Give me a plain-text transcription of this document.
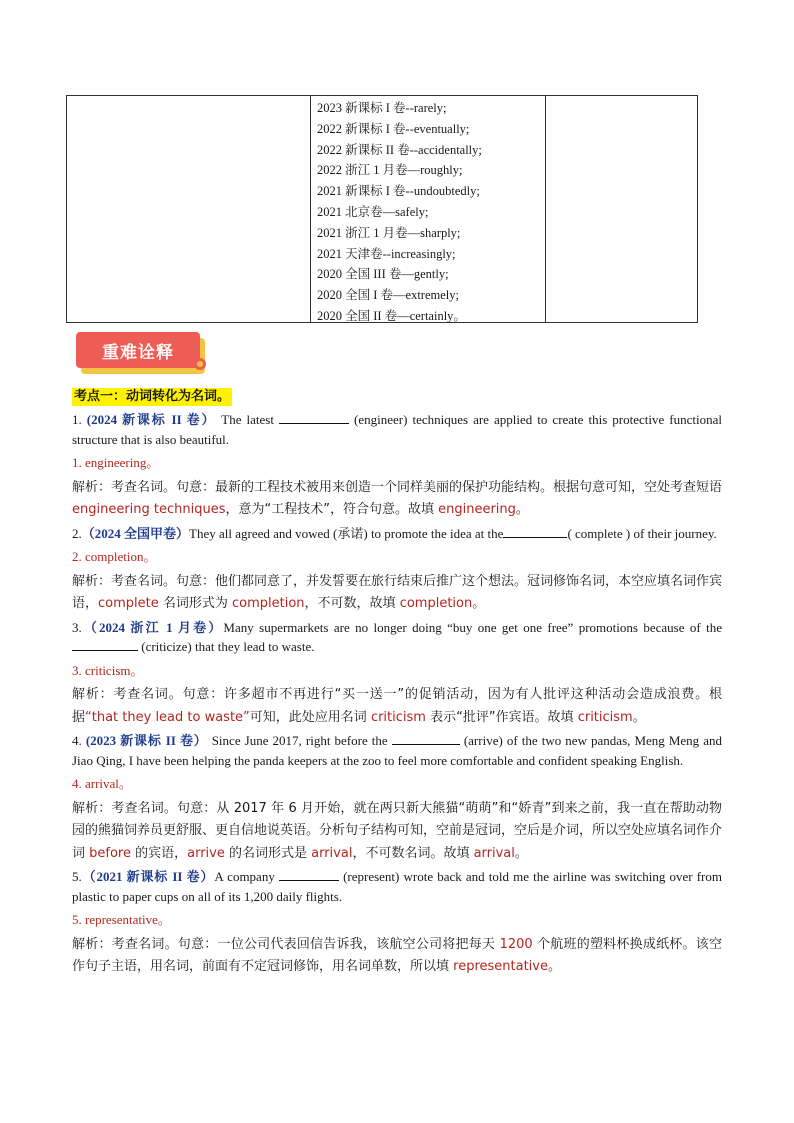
2023 新课标 I 卷--rarely;
2022 新课标 I 卷--eventually;
2022 新课标 II 卷--accidentally;
2022 浙江 1 月卷—roughly;
2021 新课标 I 卷--undoubtedly;
2021 北京卷—safely;
2021 浙江 1 月卷—sharply;
2021 天津卷--increasingly;
2020 全国 III 卷—gently;
2020 全国 I 卷—extremely;
2020 全国 II 卷—certainly。
重难诠释
考点一：动词转化为名词。
1. (2024 新课标 II 卷） The latest	(engineer) techniques are applied to create this protective functional structure that is also beautiful.
1. engineering。
解析：考查名词。句意：最新的工程技术被用来创造一个同样美丽的保护功能结构。根据句意可知，空处考查短语 engineering techniques，意为“工程技术”，符合句意。故填 engineering。
2.（2024 全国甲卷）They all agreed and vowed (承诺) to promote the idea at the	( complete ) of their journey.
2. completion。
解析：考查名词。句意：他们都同意了，并发誓要在旅行结束后推广这个想法。冠词修饰名词，本空应填名词作宾语，complete 名词形式为 completion，不可数，故填 completion。
3.（2024 浙江 1 月卷）Many supermarkets are no longer doing “buy one get one free” promotions because of the  (criticize) that they lead to waste.
3. criticism。
解析：考查名词。句意：许多超市不再进行“买一送一”的促销活动，因为有人批评这种活动会造成浪费。根据“that they lead to waste”可知，此处应用名词 criticism 表示“批评”作宾语。故填 criticism。
4. (2023 新课标 II 卷） Since June 2017, right before the	(arrive) of the two new pandas, Meng Meng and Jiao Qing, I have been helping the panda keepers at the zoo to feel more comfortable and confident speaking English.
4. arrival。
解析：考查名词。句意：从 2017 年 6 月开始，就在两只新大熊猫“萌萌”和“娇青”到来之前，我一直在帮助动物园的熊猫饲养员更舒服、更自信地说英语。分析句子结构可知，空前是冠词，空后是介词，所以空处应填名词作介词 before 的宾语，arrive 的名词形式是 arrival，不可数名词。故填 arrival。
5.（2021 新课标 II 卷）A company	(represent) wrote back and told me the airline was switching over from plastic to paper cups on all of its 1,200 daily flights.
5. representative。
解析：考查名词。句意：一位公司代表回信告诉我，该航空公司将把每天 1200 个航班的塑料杯换成纸杯。该空作句子主语，用名词，前面有不定冠词修饰，用名词单数，所以填 representative。
